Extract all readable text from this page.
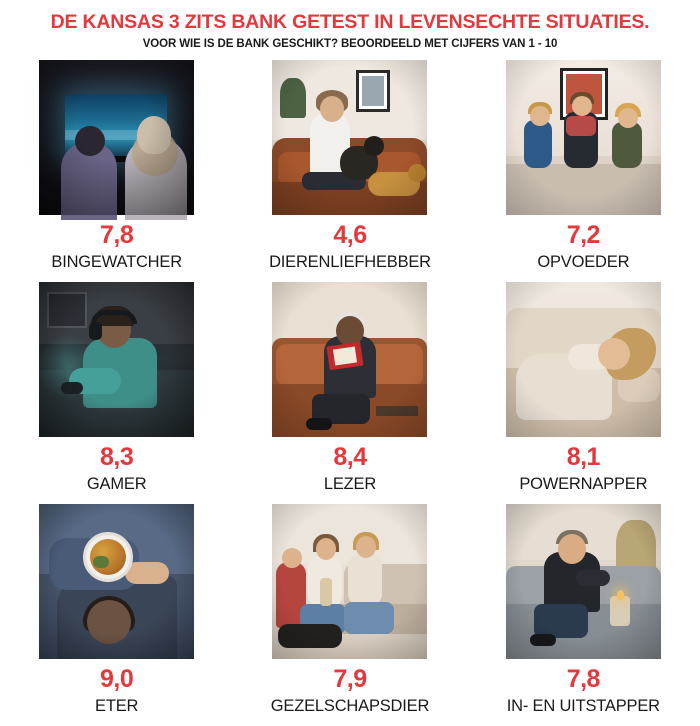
DE KANSAS 3 ZITS BANK GETEST IN LEVENSECHTE SITUATIES.

VOOR WIE IS DE BANK GESCHIKT? BEOORDEELD MET CIJFERS VAN 1 - 10

7,8
BINGEWATCHER
4,6
DIERENLIEFHEBBER
7,2
OPVOEDER
8,3
GAMER
8,4
LEZER
8,1
POWERNAPPER
9,0
ETER
7,9
GEZELSCHAPSDIER
7,8
IN- EN UITSTAPPER
